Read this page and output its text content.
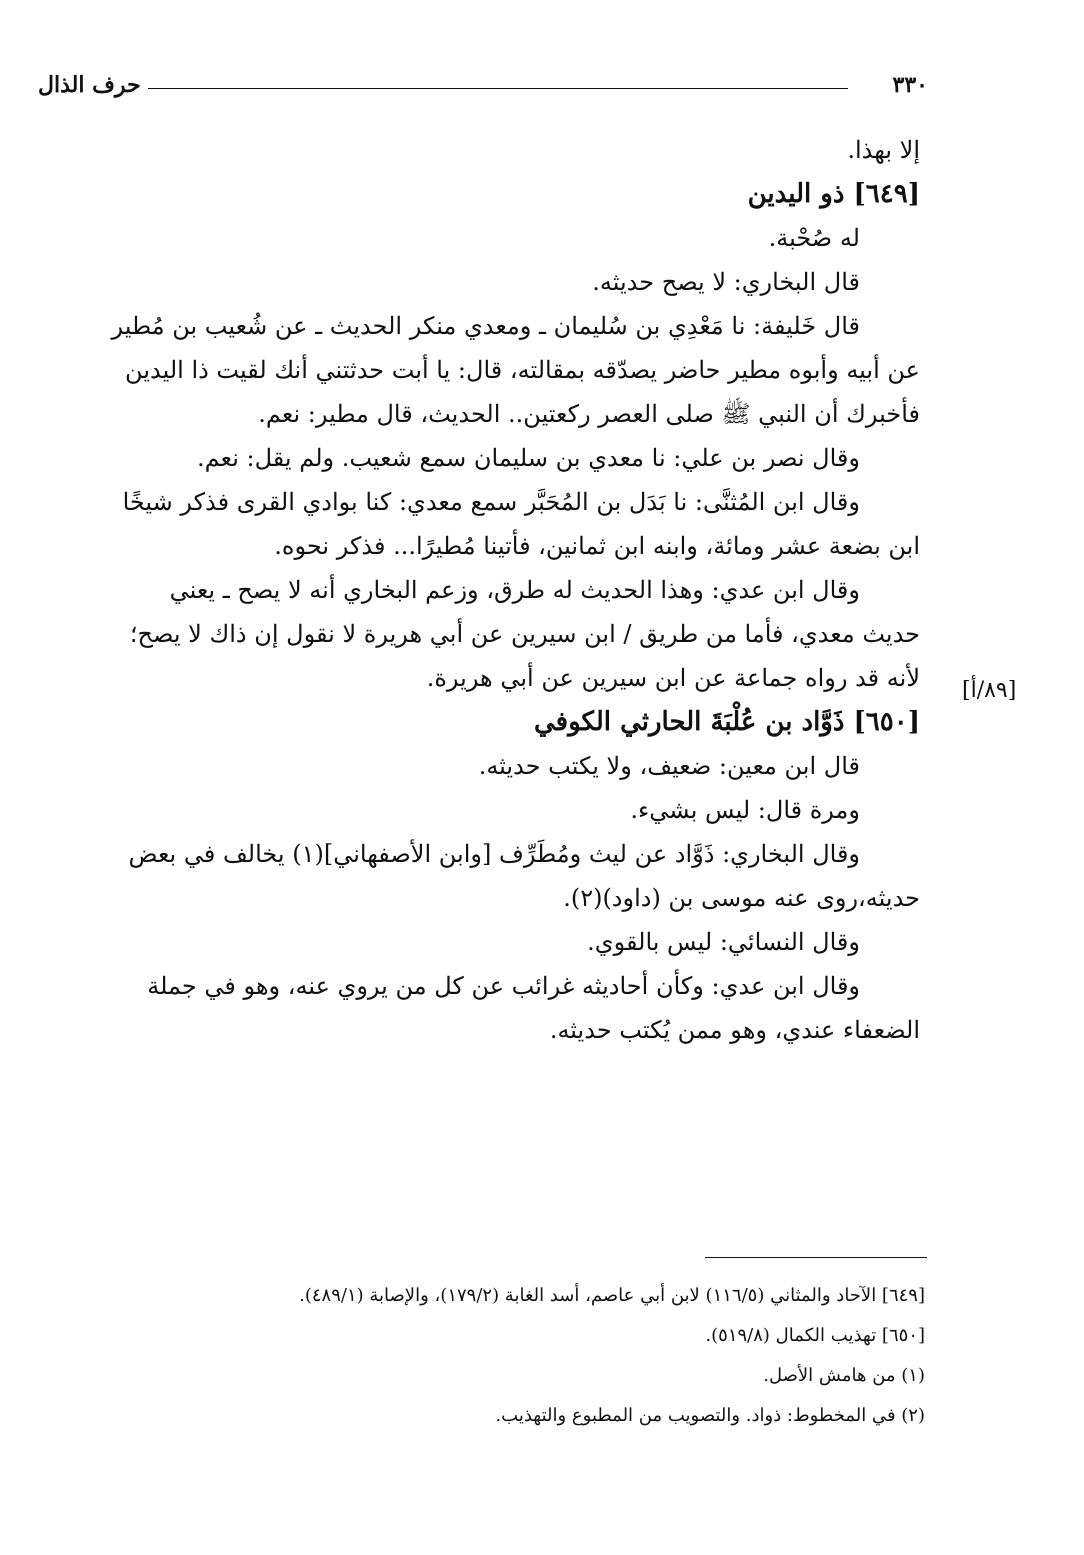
٣٣٠
حرف الذال
إلا بهذا.
[٦٤٩] ذو اليدين
له صُحْبة.
قال البخاري: لا يصح حديثه.
قال خَليفة: نا مَعْدِي بن سُليمان ـ ومعدي منكر الحديث ـ عن شُعيب بن مُطير
عن أبيه وأبوه مطير حاضر يصدّقه بمقالته، قال: يا أبت حدثتني أنك لقيت ذا اليدين
فأخبرك أن النبي ﷺ صلى العصر ركعتين.. الحديث، قال مطير: نعم.
وقال نصر بن علي: نا معدي بن سليمان سمع شعيب. ولم يقل: نعم.
وقال ابن المُثنَّى: نا بَدَل بن المُحَبَّر سمع معدي: كنا بوادي القرى فذكر شيخًا
ابن بضعة عشر ومائة، وابنه ابن ثمانين، فأتينا مُطيرًا... فذكر نحوه.
وقال ابن عدي: وهذا الحديث له طرق، وزعم البخاري أنه لا يصح ـ يعني
حديث معدي، فأما من طريق / ابن سيرين عن أبي هريرة لا نقول إن ذاك لا يصح؛
لأنه قد رواه جماعة عن ابن سيرين عن أبي هريرة.
[٦٥٠] ذَوَّاد بن عُلْبَةَ الحارثي الكوفي
قال ابن معين: ضعيف، ولا يكتب حديثه.
ومرة قال: ليس بشيء.
وقال البخاري: ذَوَّاد عن ليث ومُطَرِّف [وابن الأصفهاني](١) يخالف في بعض
حديثه،روى عنه موسى بن (داود)(٢).
وقال النسائي: ليس بالقوي.
وقال ابن عدي: وكأن أحاديثه غرائب عن كل من يروي عنه، وهو في جملة
الضعفاء عندي، وهو ممن يُكتب حديثه.
[٨٩/أ]
[٦٤٩] الآحاد والمثاني (١١٦/٥) لابن أبي عاصم، أسد الغابة (١٧٩/٢)، والإصابة (٤٨٩/١).
[٦٥٠] تهذيب الكمال (٥١٩/٨).
(١) من هامش الأصل.
(٢) في المخطوط: ذواد. والتصويب من المطبوع والتهذيب.
